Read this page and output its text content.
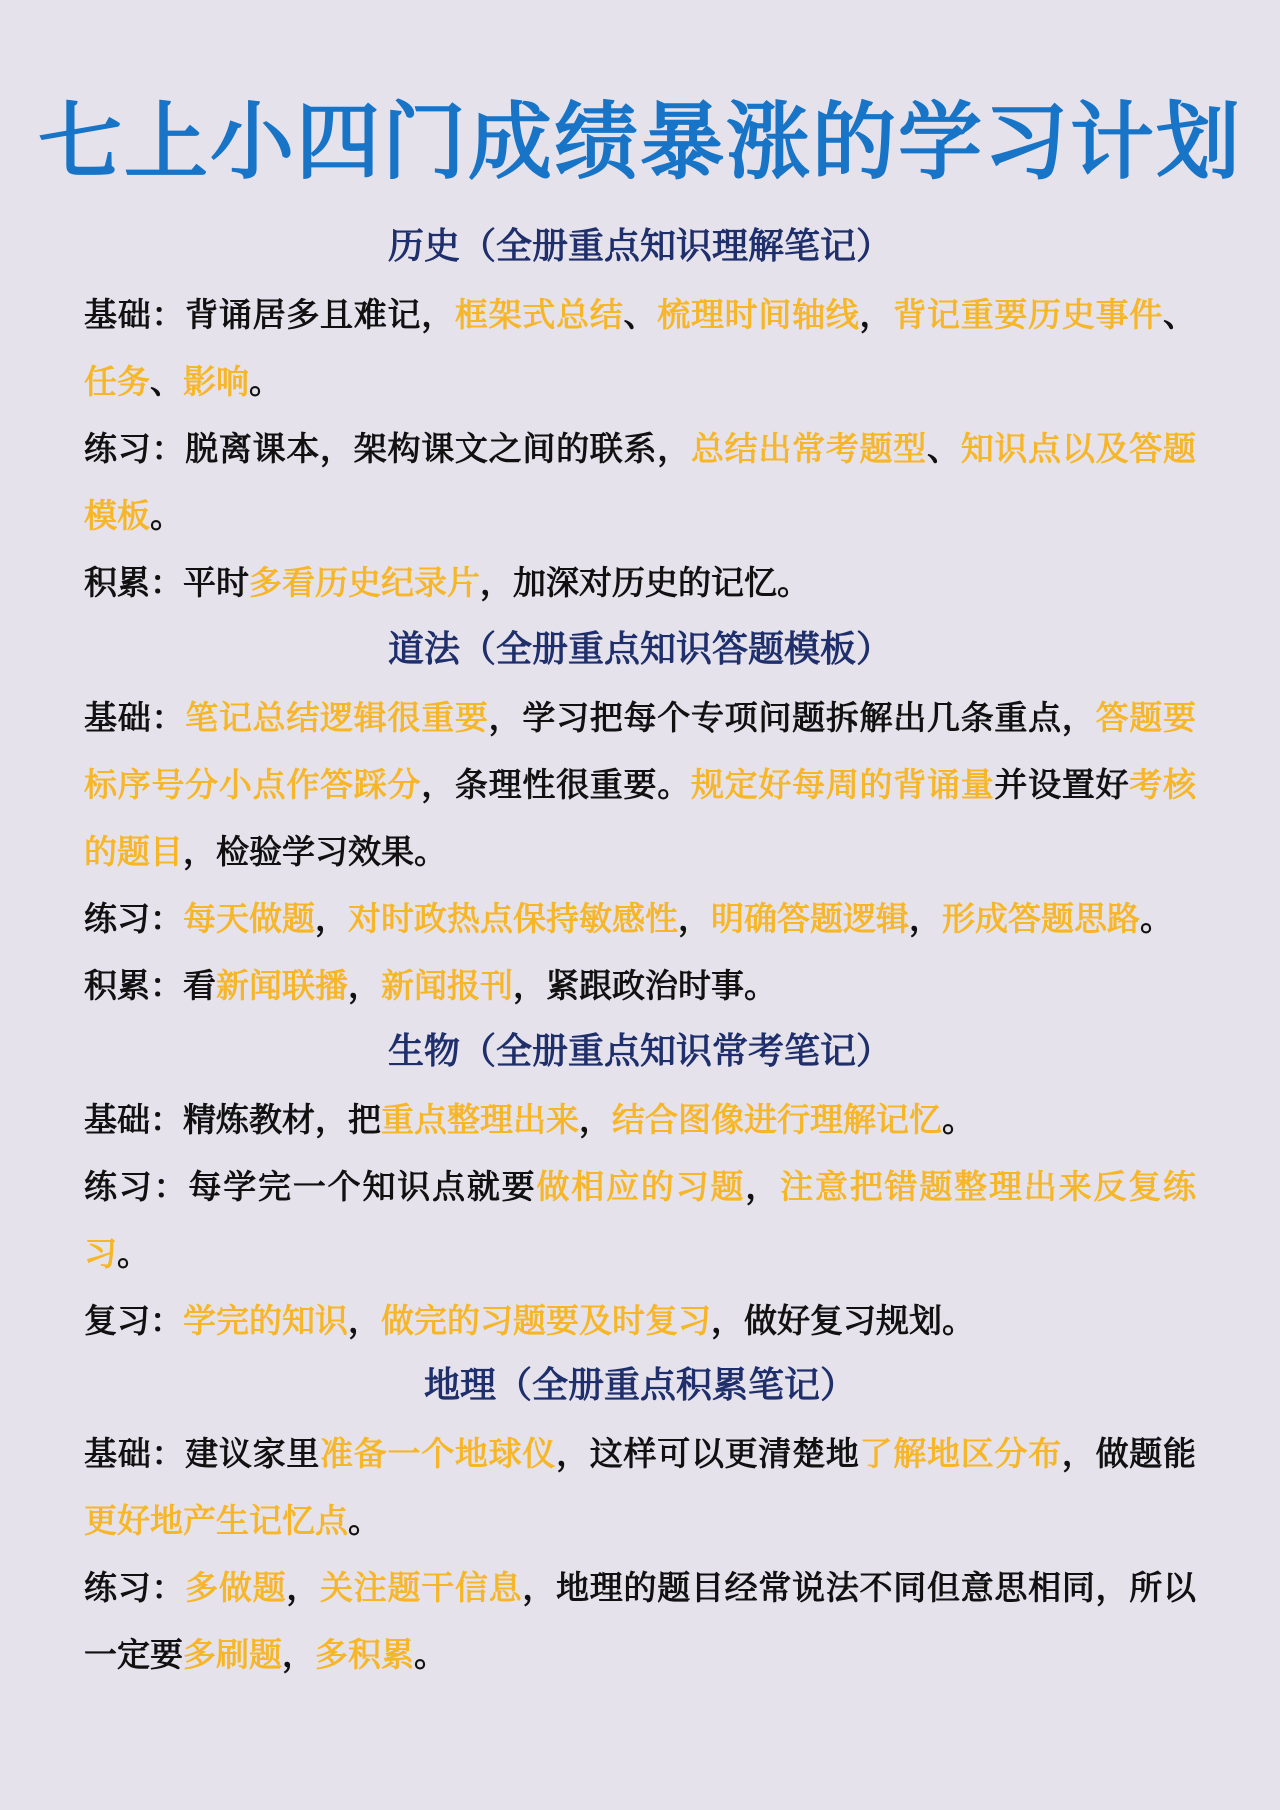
七上小四门成绩暴涨的学习计划
历史（全册重点知识理解笔记）

基础：背诵居多且难记，框架式总结、梳理时间轴线，背记重要历史事件、任务、影响。

练习：脱离课本，架构课文之间的联系，总结出常考题型、知识点以及答题模板。

积累：平时多看历史纪录片，加深对历史的记忆。

道法（全册重点知识答题模板）

基础：笔记总结逻辑很重要，学习把每个专项问题拆解出几条重点，答题要标序号分小点作答踩分，条理性很重要。规定好每周的背诵量并设置好考核的题目，检验学习效果。

练习：每天做题，对时政热点保持敏感性，明确答题逻辑，形成答题思路。

积累：看新闻联播，新闻报刊，紧跟政治时事。

生物（全册重点知识常考笔记）

基础：精炼教材，把重点整理出来，结合图像进行理解记忆。

练习：每学完一个知识点就要做相应的习题，注意把错题整理出来反复练习。

复习：学完的知识，做完的习题要及时复习，做好复习规划。

地理（全册重点积累笔记）

基础：建议家里准备一个地球仪，这样可以更清楚地了解地区分布，做题能更好地产生记忆点。

练习：多做题，关注题干信息，地理的题目经常说法不同但意思相同，所以一定要多刷题，多积累。
